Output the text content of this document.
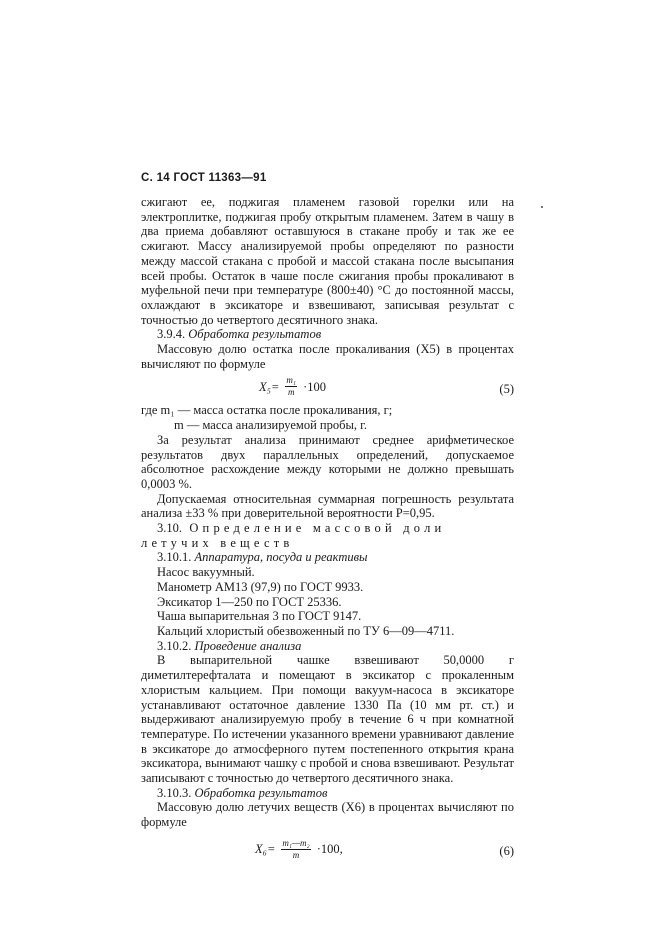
С. 14 ГОСТ 11363—91

сжигают ее, поджигая пламенем газовой горелки или на электроплитке, поджигая пробу открытым пламенем. Затем в чашу в два приема добавляют оставшуюся в стакане пробу и так же ее сжигают. Массу анализируемой пробы определяют по разности между массой стакана с пробой и массой стакана после высыпания всей пробы. Остаток в чаше после сжигания пробы прокаливают в муфельной печи при температуре (800±40) °С до постоянной массы, охлаждают в эксикаторе и взвешивают, записывая результат с точностью до четвертого десятичного знака.

3.9.4. Обработка результатов

Массовую долю остатка после прокаливания (X5) в процентах вычисляют по формуле

$X_5= \frac{\text{m₁}}{m} \cdot 100$	(5)

где m₁ — масса остатка после прокаливания, г;

m — масса анализируемой пробы, г.

За результат анализа принимают среднее арифметическое результатов двух параллельных определений, допускаемое абсолютное расхождение между которыми не должно превышать 0,0003 %.

Допускаемая относительная суммарная погрешность результата анализа ±33 % при доверительной вероятности P=0,95.

3.10. Определение массовой доли летучих веществ

3.10.1. Аппаратура, посуда и реактивы

Насос вакуумный.

Манометр АМ13 (97,9) по ГОСТ 9933.

Эксикатор 1—250 по ГОСТ 25336.

Чаша выпарительная 3 по ГОСТ 9147.

Кальций хлористый обезвоженный по ТУ 6—09—4711.

3.10.2. Проведение анализа

В выпарительной чашке взвешивают 50,0000 г диметилтерефталата и помещают в эксикатор с прокаленным хлористым кальцием. При помощи вакуум-насоса в эксикаторе устанавливают остаточное давление 1330 Па (10 мм рт. ст.) и выдерживают анализируемую пробу в течение 6 ч при комнатной температуре. По истечении указанного времени уравнивают давление в эксикаторе до атмосферного путем постепенного открытия крана эксикатора, вынимают чашку с пробой и снова взвешивают. Результат записывают с точностью до четвертого десятичного знака.

3.10.3. Обработка результатов

Массовую долю летучих веществ (X6) в процентах вычисляют по формуле

$X_6= \frac{\text{m₁—m₂}}{m} \cdot 100$,	(6)
